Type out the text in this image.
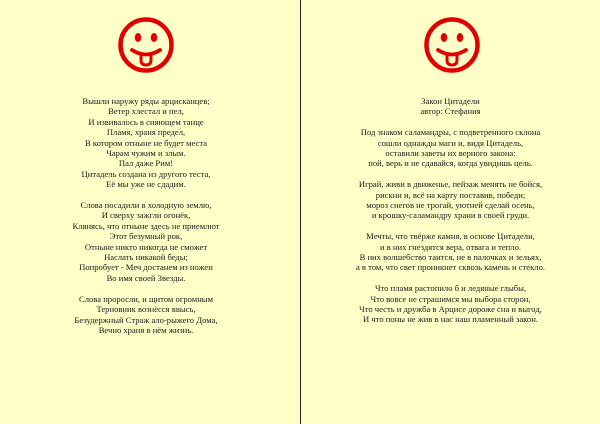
Вышли наружу ряды арцисканцев;
Ветер хлестал и пел,
И извивалось в сияющем танце
Пламя, храня предел,
В котором отныне не будет места
Чарам чужим и злым.
Пал даже Рим!
Цитадель создана из другого теста,
Её мы уже не сдадим.
Слова посадили в холодную землю,
И сверху зажгли огонёк,
Клянясь, что отныне здесь не приемлют
Этот безумный рок,
Отныне никто никогда не сможет
Наслать никакой беды;
Попробует - Меч достанем из ножен
Во имя своей Звезды.
Слова проросли, и щитом огромным
Терновник вознёсся ввысь,
Безудержный Страж ало-рыжего Дома,
Вечно храня в нём жизнь.
Закон Цитадели
автор: Стефания
Под знаком саламандры, с подветренного склона
сошли однажды маги и, видя Цитадель,
оставили заветы их верного закона:
пой, верь и не сдавайся, когда увидишь цель.
Играй, живи в движенье, пейзаж менять не бойся,
рискни и, всё на карту поставив, победи;
мороз снегов не трогай, уютней сделай осень,
и крошку-саламандру храни в своей груди.
Мечты, что твёрже камня, в основе Цитадели,
и в них гнездятся вера, отвага и тепло.
В них волшебство таится, не в палочках и зельях,
а в том, что свет проникнет сквозь камень и стекло.
Что пламя растопило б и ледяные глыбы,
Что вовсе не страшимся мы выбора сторон,
Что честь и дружба в Арцисе дороже сна и выгод,
И что поны не жив в нас наш пламенный закон.
